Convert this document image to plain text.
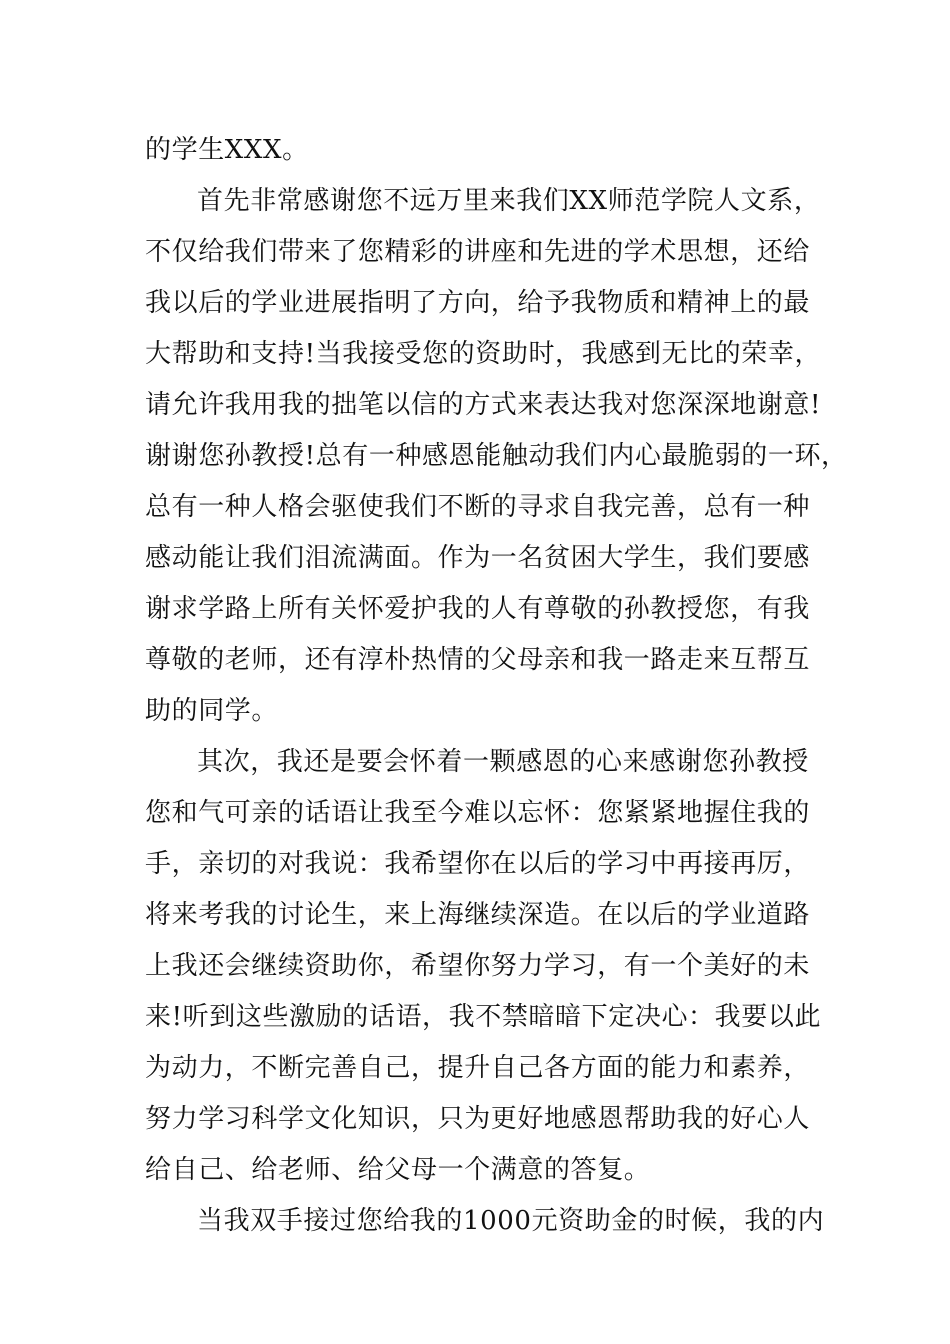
的学生XXX。
首先非常感谢您不远万里来我们XX师范学院人文系，
不仅给我们带来了您精彩的讲座和先进的学术思想，还给
我以后的学业进展指明了方向，给予我物质和精神上的最
大帮助和支持!当我接受您的资助时，我感到无比的荣幸，
请允许我用我的拙笔以信的方式来表达我对您深深地谢意!
谢谢您孙教授!总有一种感恩能触动我们内心最脆弱的一环，
总有一种人格会驱使我们不断的寻求自我完善，总有一种
感动能让我们泪流满面。作为一名贫困大学生，我们要感
谢求学路上所有关怀爱护我的人有尊敬的孙教授您，有我
尊敬的老师，还有淳朴热情的父母亲和我一路走来互帮互
助的同学。
其次，我还是要会怀着一颗感恩的心来感谢您孙教授
您和气可亲的话语让我至今难以忘怀：您紧紧地握住我的
手，亲切的对我说：我希望你在以后的学习中再接再厉，
将来考我的讨论生，来上海继续深造。在以后的学业道路
上我还会继续资助你，希望你努力学习，有一个美好的未
来!听到这些激励的话语，我不禁暗暗下定决心：我要以此
为动力，不断完善自己，提升自己各方面的能力和素养，
努力学习科学文化知识，只为更好地感恩帮助我的好心人
给自己、给老师、给父母一个满意的答复。
当我双手接过您给我的1000元资助金的时候，我的内
